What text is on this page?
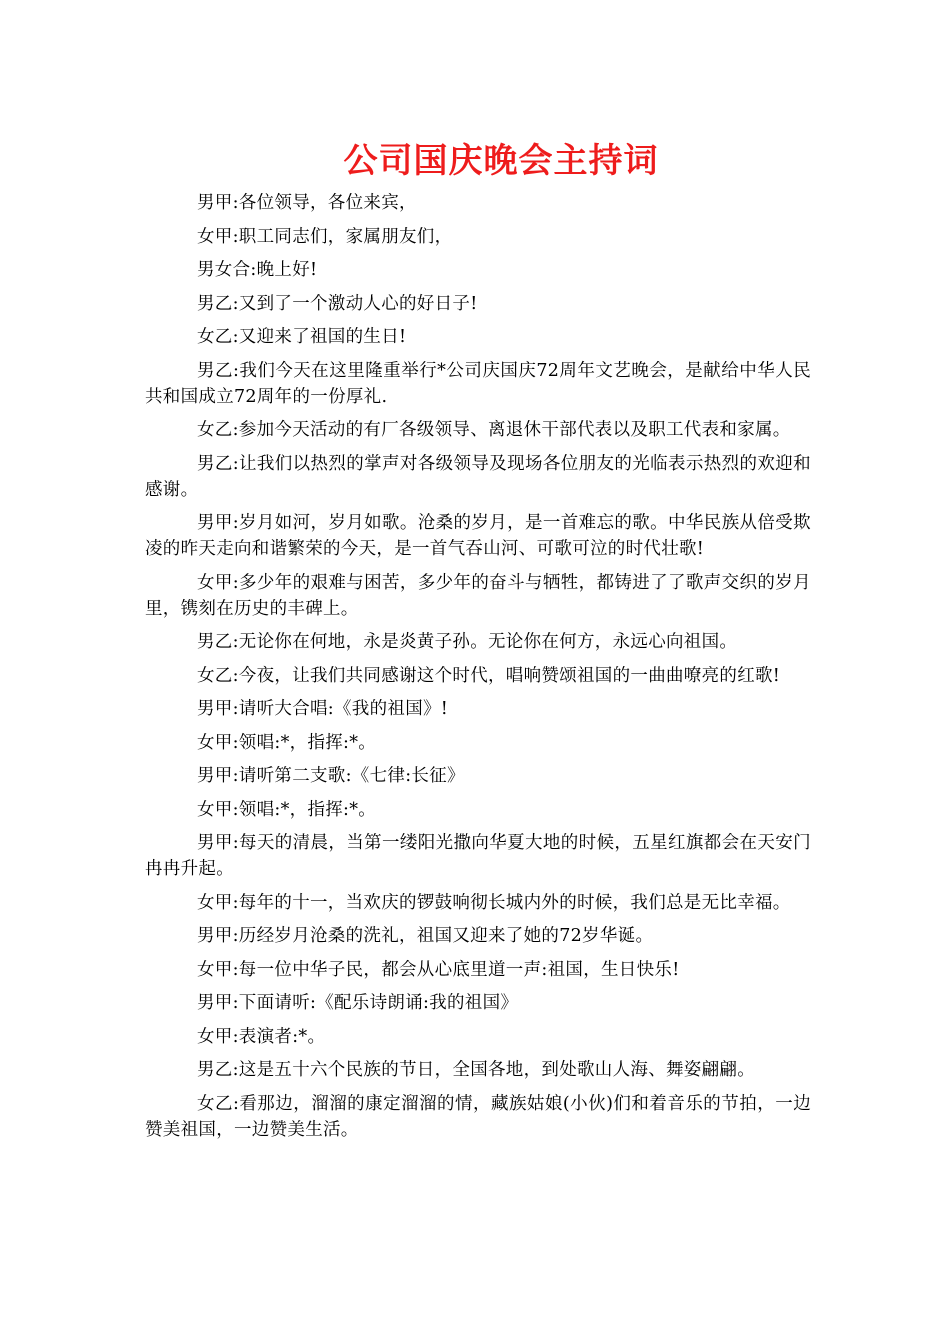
公司国庆晚会主持词

男甲:各位领导，各位来宾，

女甲:职工同志们，家属朋友们，

男女合:晚上好!

男乙:又到了一个激动人心的好日子!

女乙:又迎来了祖国的生日!

男乙:我们今天在这里隆重举行*公司庆国庆72周年文艺晚会，是献给中华人民共和国成立72周年的一份厚礼.

女乙:参加今天活动的有厂各级领导、离退休干部代表以及职工代表和家属。

男乙:让我们以热烈的掌声对各级领导及现场各位朋友的光临表示热烈的欢迎和感谢。

男甲:岁月如河，岁月如歌。沧桑的岁月，是一首难忘的歌。中华民族从倍受欺凌的昨天走向和谐繁荣的今天，是一首气吞山河、可歌可泣的时代壮歌!

女甲:多少年的艰难与困苦，多少年的奋斗与牺牲，都铸进了了歌声交织的岁月里，镌刻在历史的丰碑上。

男乙:无论你在何地，永是炎黄子孙。无论你在何方，永远心向祖国。

女乙:今夜，让我们共同感谢这个时代，唱响赞颂祖国的一曲曲嘹亮的红歌!

男甲:请听大合唱:《我的祖国》!

女甲:领唱:*，指挥:*。

男甲:请听第二支歌:《七律:长征》

女甲:领唱:*，指挥:*。

男甲:每天的清晨，当第一缕阳光撒向华夏大地的时候，五星红旗都会在天安门冉冉升起。

女甲:每年的十一，当欢庆的锣鼓响彻长城内外的时候，我们总是无比幸福。

男甲:历经岁月沧桑的洗礼，祖国又迎来了她的72岁华诞。

女甲:每一位中华子民，都会从心底里道一声:祖国，生日快乐!

男甲:下面请听:《配乐诗朗诵:我的祖国》

女甲:表演者:*。

男乙:这是五十六个民族的节日，全国各地，到处歌山人海、舞姿翩翩。

女乙:看那边，溜溜的康定溜溜的情，藏族姑娘(小伙)们和着音乐的节拍，一边赞美祖国，一边赞美生活。
